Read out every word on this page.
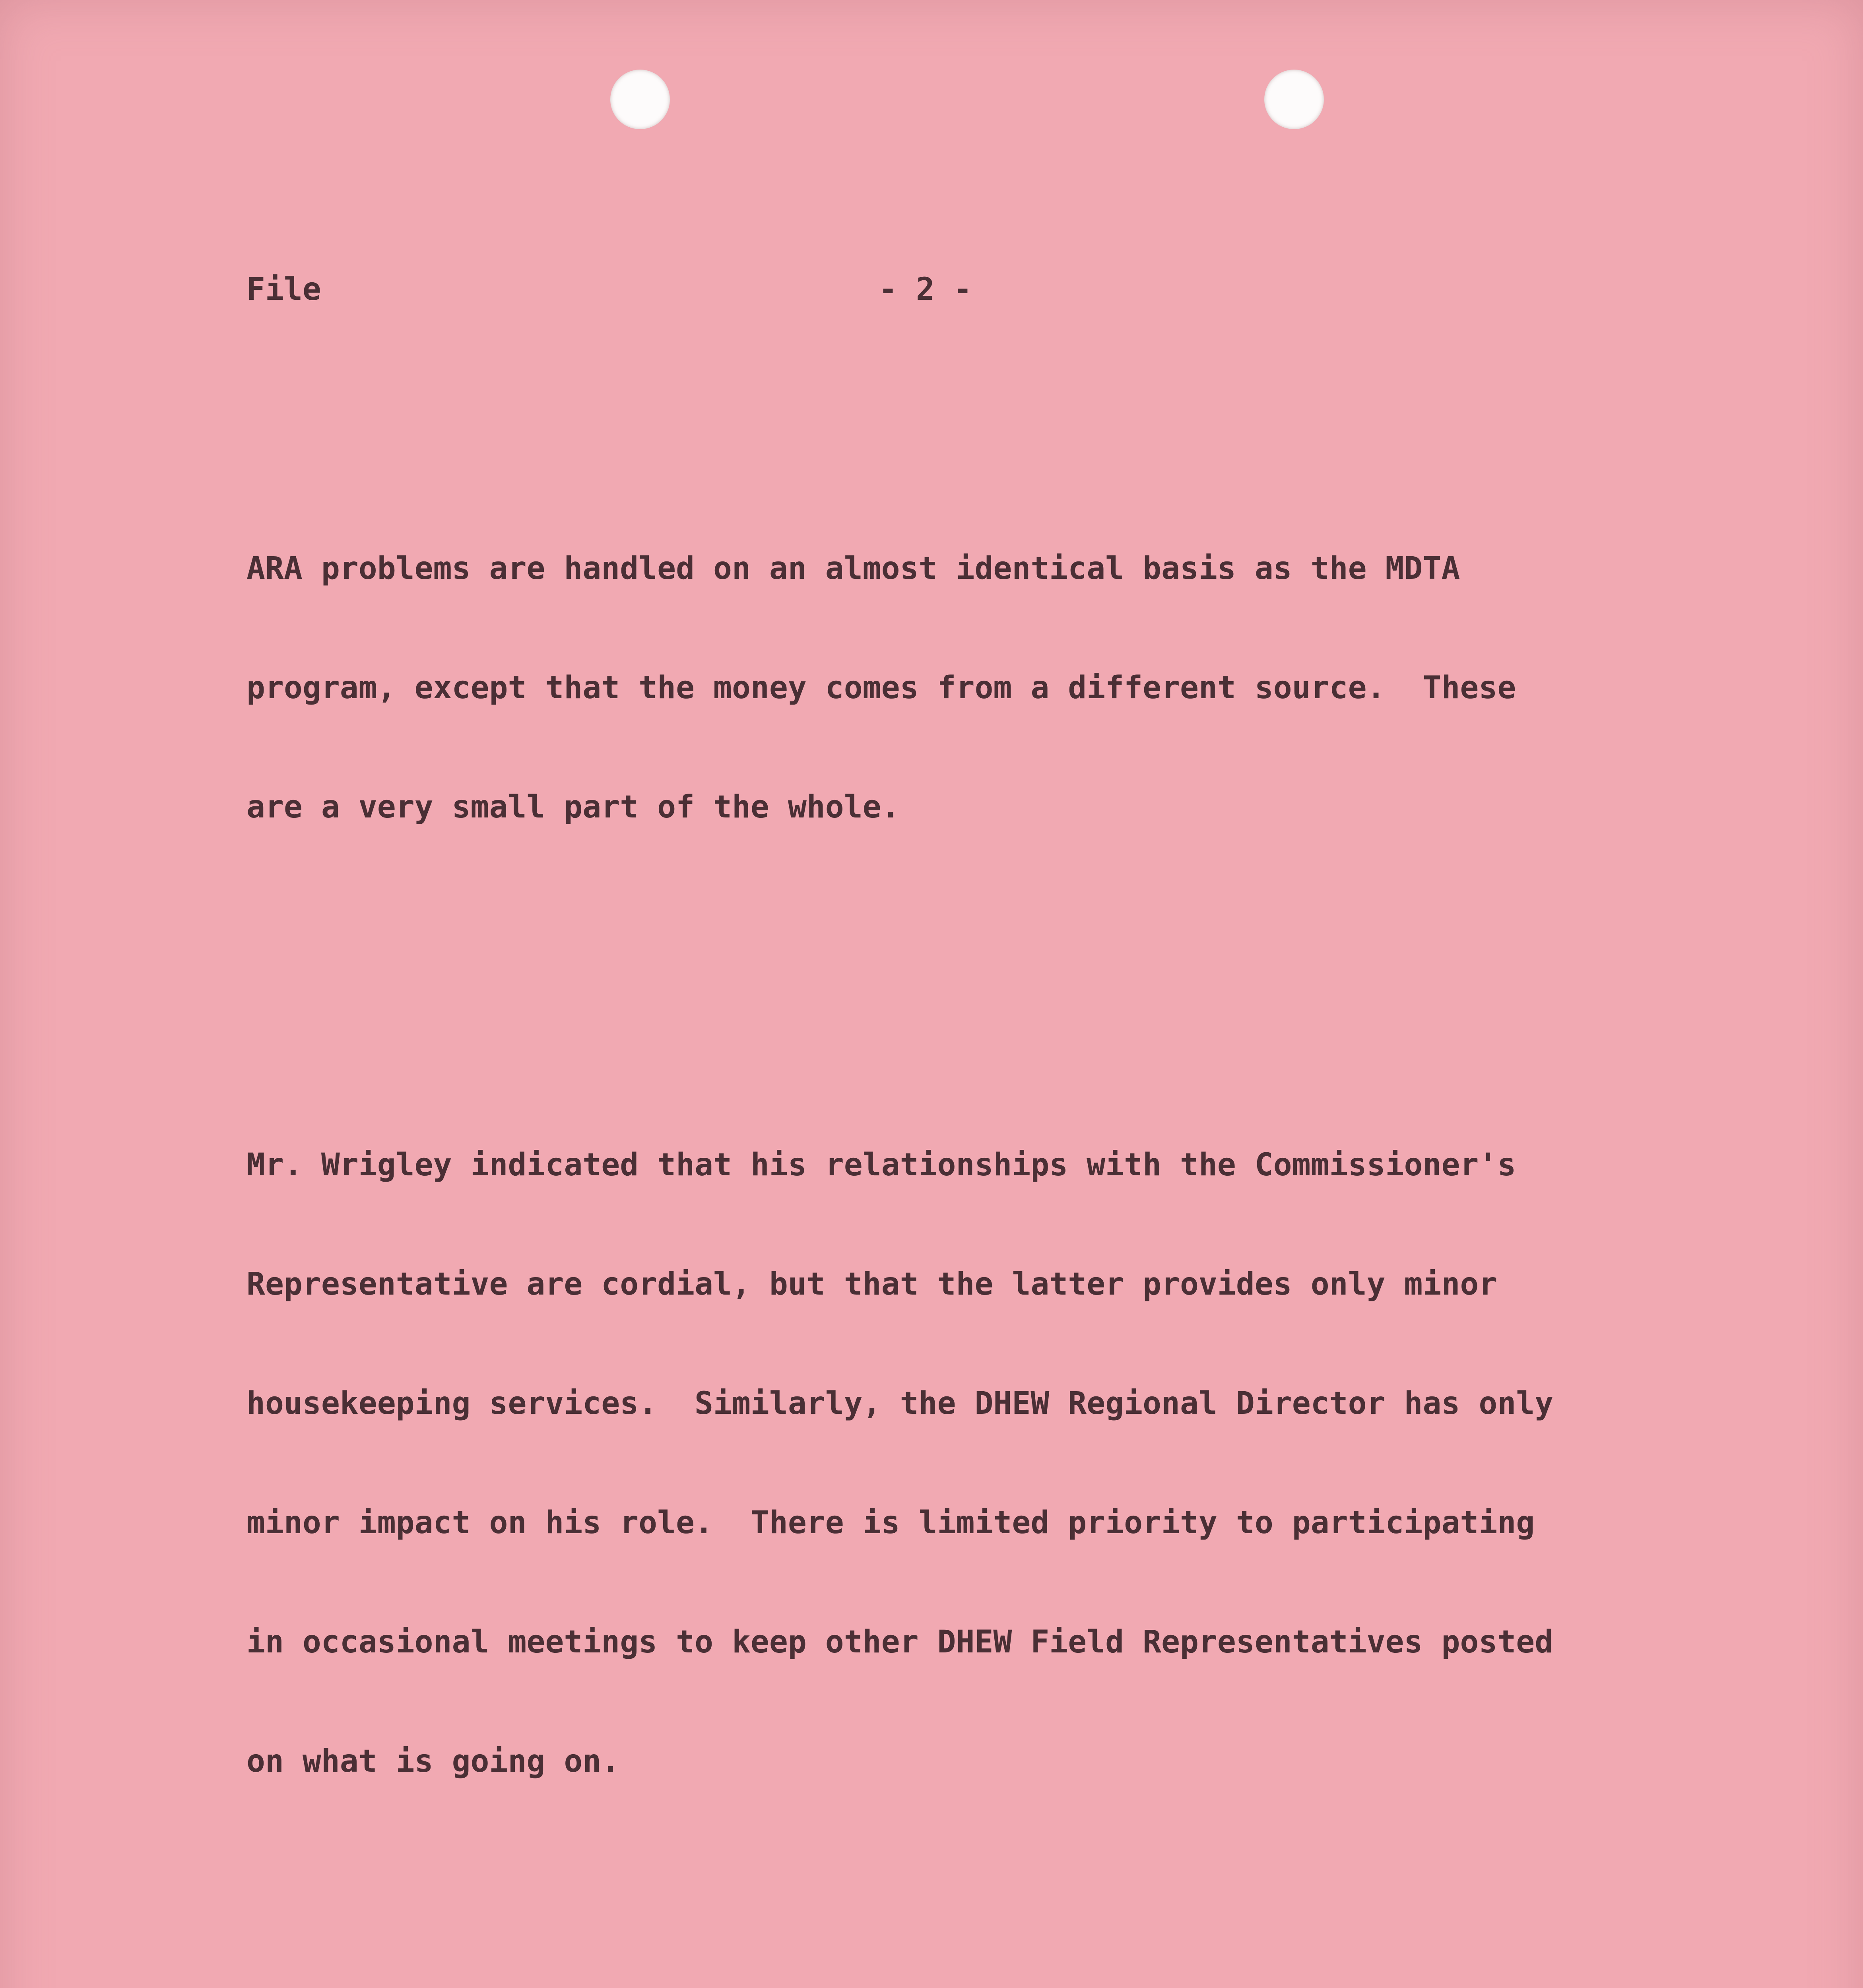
File	- 2 -

ARA problems are handled on an almost identical basis as the MDTA

program, except that the money comes from a different source.  These

are a very small part of the whole.

Mr. Wrigley indicated that his relationships with the Commissioner's

Representative are cordial, but that the latter provides only minor

housekeeping services.  Similarly, the DHEW Regional Director has only

minor impact on his role.  There is limited priority to participating

in occasional meetings to keep other DHEW Field Representatives posted

on what is going on.
